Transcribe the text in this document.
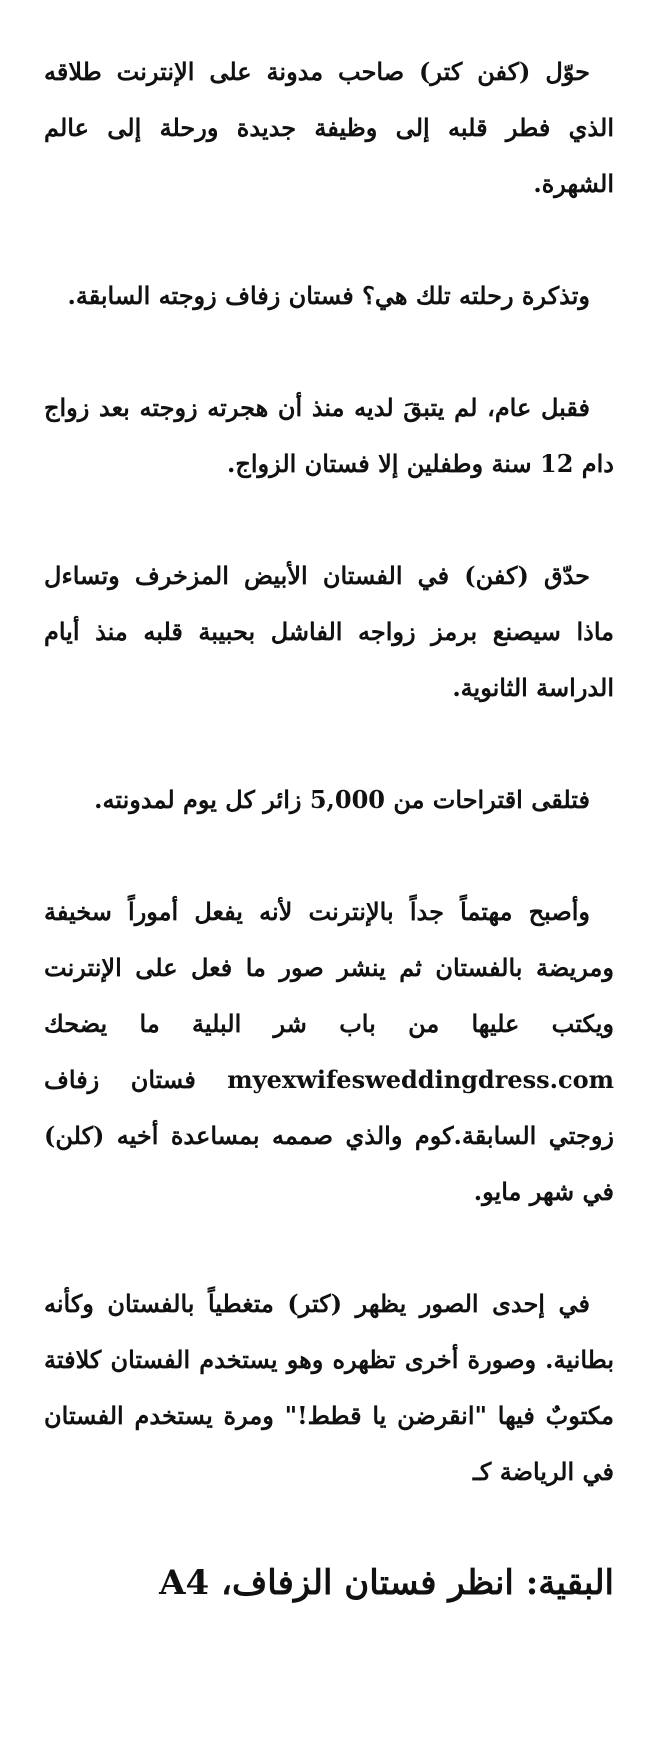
حوّل (كفن كتر) صاحب مدونة على الإنترنت طلاقه الذي فطر قلبه إلى وظيفة جديدة ورحلة إلى عالم الشهرة.

وتذكرة رحلته تلك هي؟ فستان زفاف زوجته السابقة.

فقبل عام، لم يتبقَ لديه منذ أن هجرته زوجته بعد زواج دام 12 سنة وطفلين إلا فستان الزواج.

حدّق (كفن) في الفستان الأبيض المزخرف وتساءل ماذا سيصنع برمز زواجه الفاشل بحبيبة قلبه منذ أيام الدراسة الثانوية.

فتلقى اقتراحات من 5,000 زائر كل يوم لمدونته.

وأصبح مهتماً جداً بالإنترنت لأنه يفعل أموراً سخيفة ومريضة بالفستان ثم ينشر صور ما فعل على الإنترنت ويكتب عليها من باب شر البلية ما يضحك myexwifesweddingdress.com فستان زفاف زوجتي السابقة.كوم والذي صممه بمساعدة أخيه (كلن) في شهر مايو.

في إحدى الصور يظهر (كتر) متغطياً بالفستان وكأنه بطانية. وصورة أخرى تظهره وهو يستخدم الفستان كلافتة مكتوبٌ فيها "انقرضن يا قطط!" ومرة يستخدم الفستان في الرياضة كـ

البقية: انظر فستان الزفاف، A4
